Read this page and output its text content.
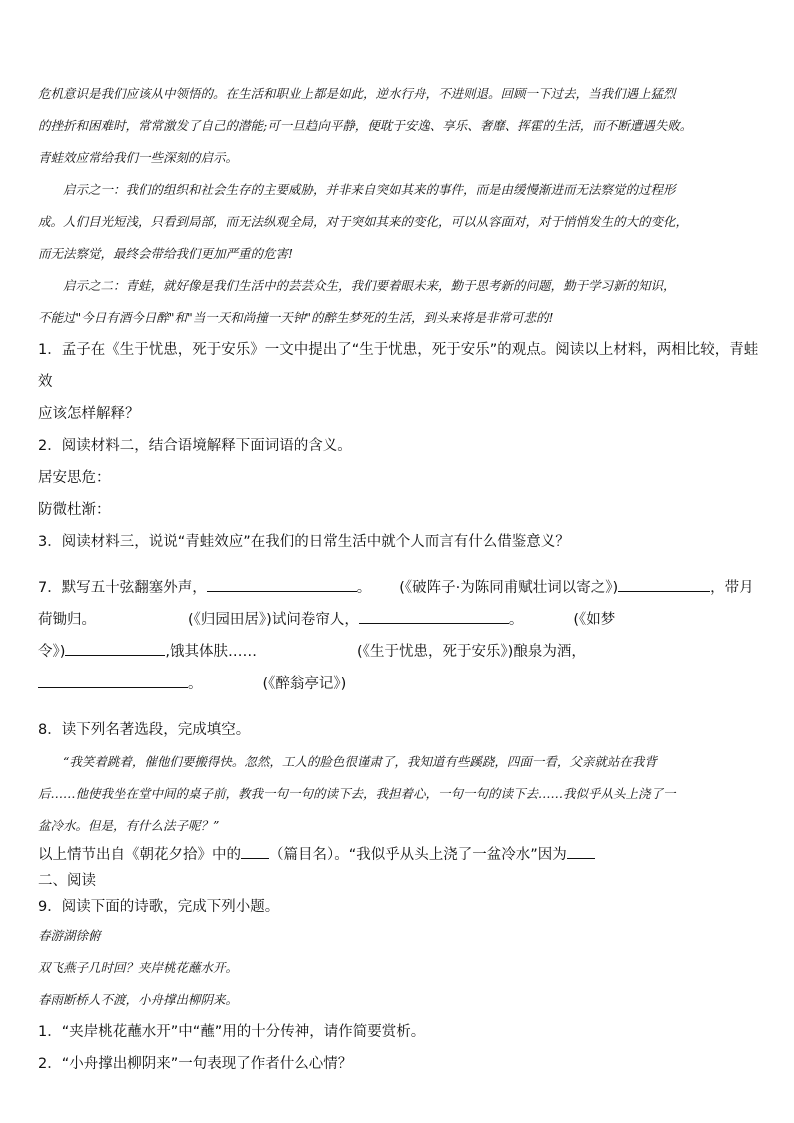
危机意识是我们应该从中领悟的。在生活和职业上都是如此，逆水行舟，不进则退。回顾一下过去，当我们遇上猛烈

的挫折和困难时，常常激发了自己的潜能;可一旦趋向平静，便耽于安逸、享乐、奢靡、挥霍的生活，而不断遭遇失败。

青蛙效应常给我们一些深刻的启示。

启示之一：我们的组织和社会生存的主要威胁，并非来自突如其来的事件，而是由缓慢渐进而无法察觉的过程形

成。人们目光短浅，只看到局部，而无法纵观全局，对于突如其来的变化，可以从容面对，对于悄悄发生的大的变化，

而无法察觉，最终会带给我们更加严重的危害!

启示之二：青蛙，就好像是我们生活中的芸芸众生，我们要着眼未来，勤于思考新的问题，勤于学习新的知识，

不能过"今日有酒今日醉"和"当一天和尚撞一天钟"的醉生梦死的生活，到头来将是非常可悲的!

1．孟子在《生于忧患，死于安乐》一文中提出了“生于忧患，死于安乐”的观点。阅读以上材料，两相比较，青蛙效

应该怎样解释？

2．阅读材料二，结合语境解释下面词语的含义。

居安思危：

防微杜渐：

3．阅读材料三，说说“青蛙效应”在我们的日常生活中就个人而言有什么借鉴意义？

7．默写五十弦翻塞外声，	。 (《破阵子·为陈同甫赋壮词以寄之》)	，带月

荷锄归。	(《归园田居》)试问卷帘人，	。	(《如梦

令》)	,饿其体肤……	(《生于忧患，死于安乐》)酿泉为酒，

。	(《醉翁亭记》)

8．读下列名著选段，完成填空。

“我笑着跳着，催他们要搬得快。忽然，工人的脸色很谨肃了，我知道有些蹊跷，四面一看，父亲就站在我背

后……他使我坐在堂中间的桌子前，教我一句一句的读下去，我担着心，一句一句的读下去……我似乎从头上浇了一

盆冷水。但是，有什么法子呢？”

以上情节出自《朝花夕拾》中的 （篇目名）。“我似乎从头上浇了一盆冷水”因为

二、阅读

9．阅读下面的诗歌，完成下列小题。

春游湖徐俯

双飞燕子几时回？夹岸桃花蘸水开。

春雨断桥人不渡，小舟撑出柳阴来。

1．“夹岸桃花蘸水开”中“蘸”用的十分传神，请作简要赏析。

2．“小舟撑出柳阴来”一句表现了作者什么心情？
